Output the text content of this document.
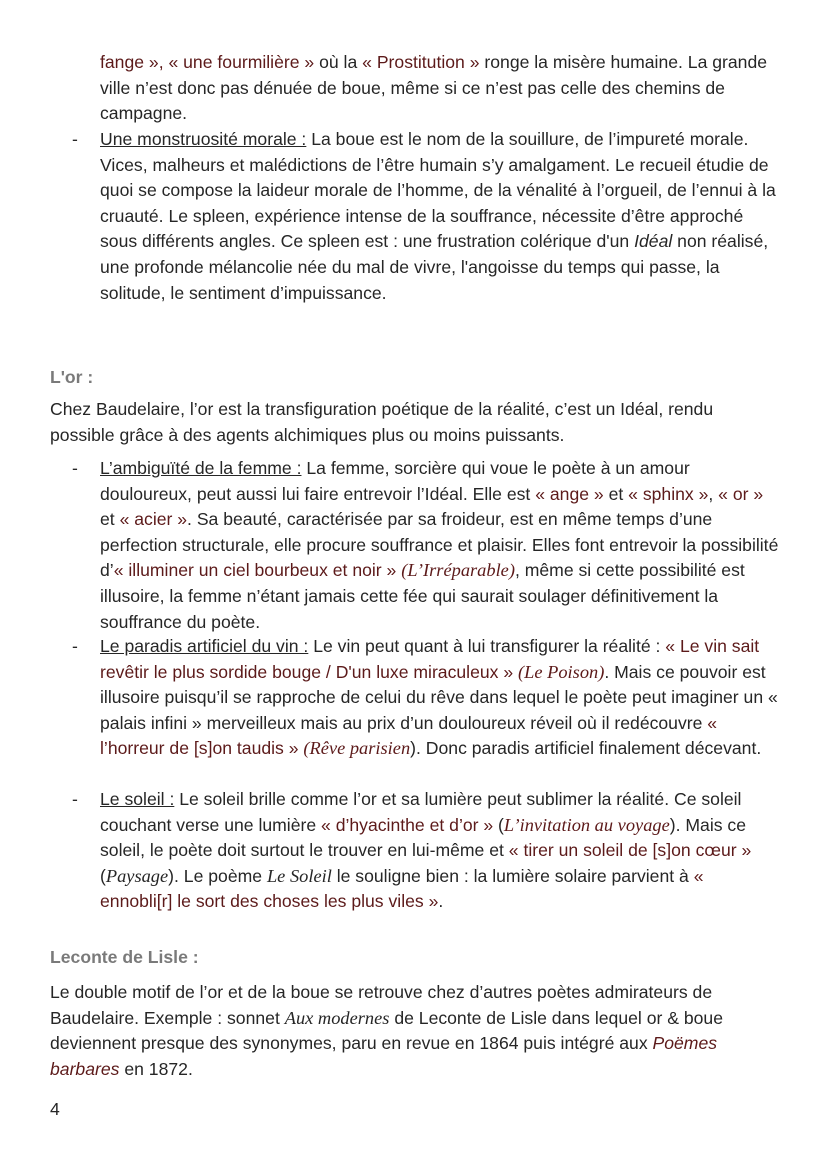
fange », « une fourmilière » où la « Prostitution » ronge la misère humaine. La grande ville n’est donc pas dénuée de boue, même si ce n’est pas celle des chemins de campagne.
- Une monstruosité morale : La boue est le nom de la souillure, de l’impureté morale. Vices, malheurs et malédictions de l’être humain s’y amalgament. Le recueil étudie de quoi se compose la laideur morale de l’homme, de la vénalité à l’orgueil, de l’ennui à la cruauté. Le spleen, expérience intense de la souffrance, nécessite d’être approché sous différents angles. Ce spleen est : une frustration colérique d'un Idéal non réalisé, une profonde mélancolie née du mal de vivre, l'angoisse du temps qui passe, la solitude, le sentiment d’impuissance.

L'or :

Chez Baudelaire, l’or est la transfiguration poétique de la réalité, c’est un Idéal, rendu possible grâce à des agents alchimiques plus ou moins puissants.

- L’ambiguïté de la femme : La femme, sorcière qui voue le poète à un amour douloureux, peut aussi lui faire entrevoir l’Idéal. Elle est « ange » et « sphinx », « or » et « acier ». Sa beauté, caractérisée par sa froideur, est en même temps d’une perfection structurale, elle procure souffrance et plaisir. Elles font entrevoir la possibilité d’« illuminer un ciel bourbeux et noir » (L’Irréparable), même si cette possibilité est illusoire, la femme n’étant jamais cette fée qui saurait soulager définitivement la souffrance du poète.
- Le paradis artificiel du vin : Le vin peut quant à lui transfigurer la réalité : « Le vin sait revêtir le plus sordide bouge / D'un luxe miraculeux » (Le Poison). Mais ce pouvoir est illusoire puisqu’il se rapproche de celui du rêve dans lequel le poète peut imaginer un « palais infini » merveilleux mais au prix d’un douloureux réveil où il redécouvre « l’horreur de [s]on taudis » (Rêve parisien). Donc paradis artificiel finalement décevant.
- Le soleil : Le soleil brille comme l’or et sa lumière peut sublimer la réalité. Ce soleil couchant verse une lumière « d’hyacinthe et d’or » (L’invitation au voyage). Mais ce soleil, le poète doit surtout le trouver en lui-même et « tirer un soleil de [s]on cœur » (Paysage). Le poème Le Soleil le souligne bien : la lumière solaire parvient à « ennobli[r] le sort des choses les plus viles ».

Leconte de Lisle :

Le double motif de l’or et de la boue se retrouve chez d’autres poètes admirateurs de Baudelaire. Exemple : sonnet Aux modernes de Leconte de Lisle dans lequel or & boue deviennent presque des synonymes, paru en revue en 1864 puis intégré aux Poëmes barbares en 1872.

4
